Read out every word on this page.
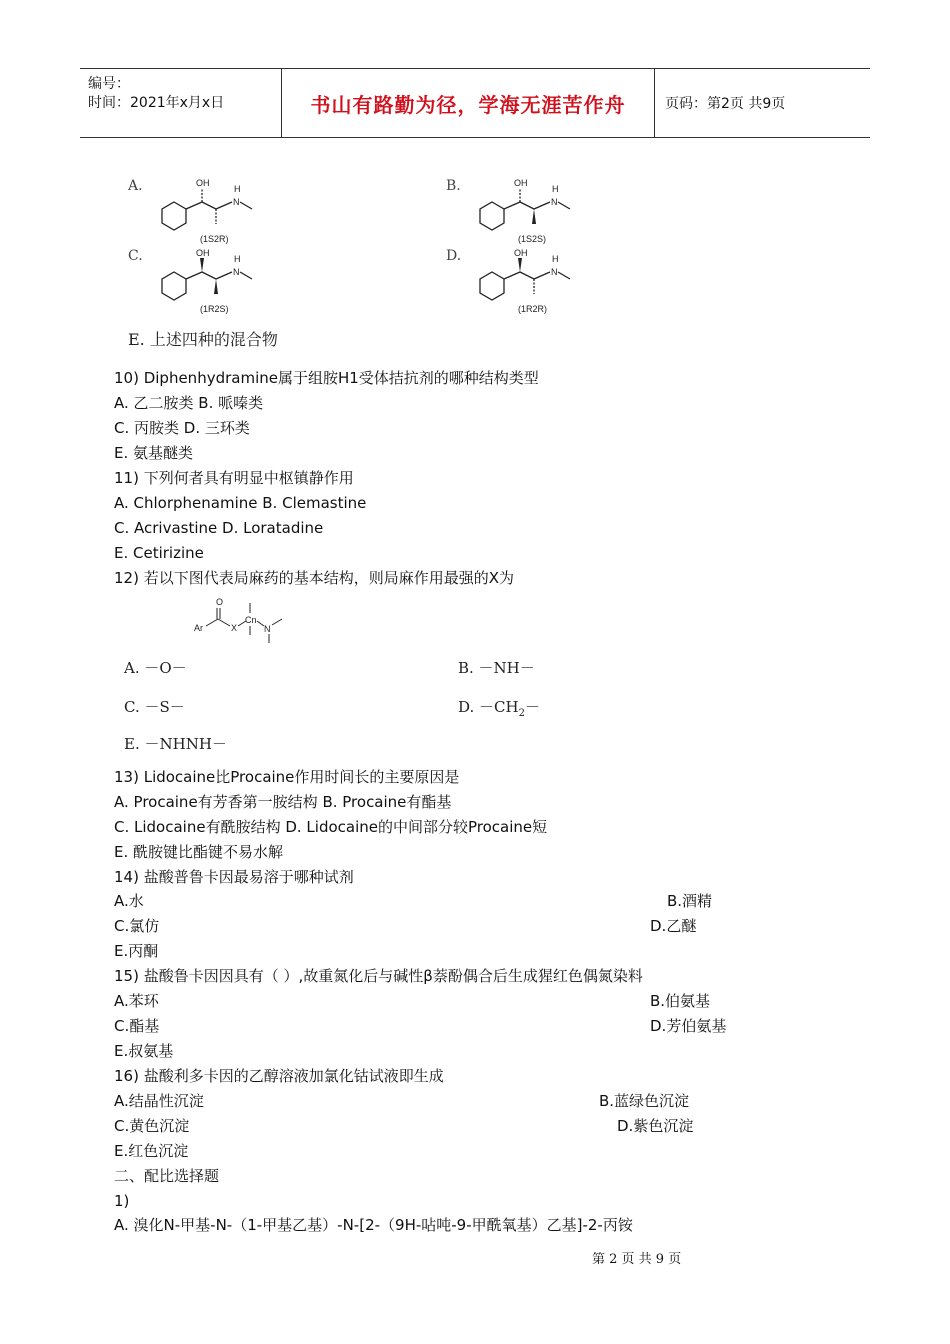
编号：
时间：2021年x月x日	书山有路勤为径，学海无涯苦作舟	页码：第2页 共9页
A.	OH
H
N
(1S2R)
B.	OH
H
N
(1S2S)
C.	OH
H
N
(1R2S)
D.	OH
H
N
(1R2R)
E. 上述四种的混合物
10) Diphenhydramine属于组胺H1受体拮抗剂的哪种结构类型
A. 乙二胺类 B. 哌嗪类
C. 丙胺类 D. 三环类
E. 氨基醚类
11) 下列何者具有明显中枢镇静作用
A. Chlorphenamine B. Clemastine
C. Acrivastine D. Loratadine
E. Cetirizine
12) 若以下图代表局麻药的基本结构，则局麻作用最强的X为
O
Ar	X
Cn
N
A. －O－	B. －NH－
C. －S－	D. $-CH_2-$
E. －NHNH－
13) Lidocaine比Procaine作用时间长的主要原因是
A. Procaine有芳香第一胺结构 B. Procaine有酯基
C. Lidocaine有酰胺结构 D. Lidocaine的中间部分较Procaine短
E. 酰胺键比酯键不易水解
14) 盐酸普鲁卡因最易溶于哪种试剂
A.水	B.酒精
C.氯仿	D.乙醚
E.丙酮
15) 盐酸鲁卡因因具有（ ）,故重氮化后与碱性β萘酚偶合后生成猩红色偶氮染料
A.苯环	B.伯氨基
C.酯基	D.芳伯氨基
E.叔氨基
16) 盐酸利多卡因的乙醇溶液加氯化钴试液即生成
A.结晶性沉淀	B.蓝绿色沉淀
C.黄色沉淀	D.紫色沉淀
E.红色沉淀
二、配比选择题
1)
A. 溴化N-甲基-N-（1-甲基乙基）-N-[2-（9H-呫吨-9-甲酰氧基）乙基]-2-丙铵
第 2 页 共 9 页
